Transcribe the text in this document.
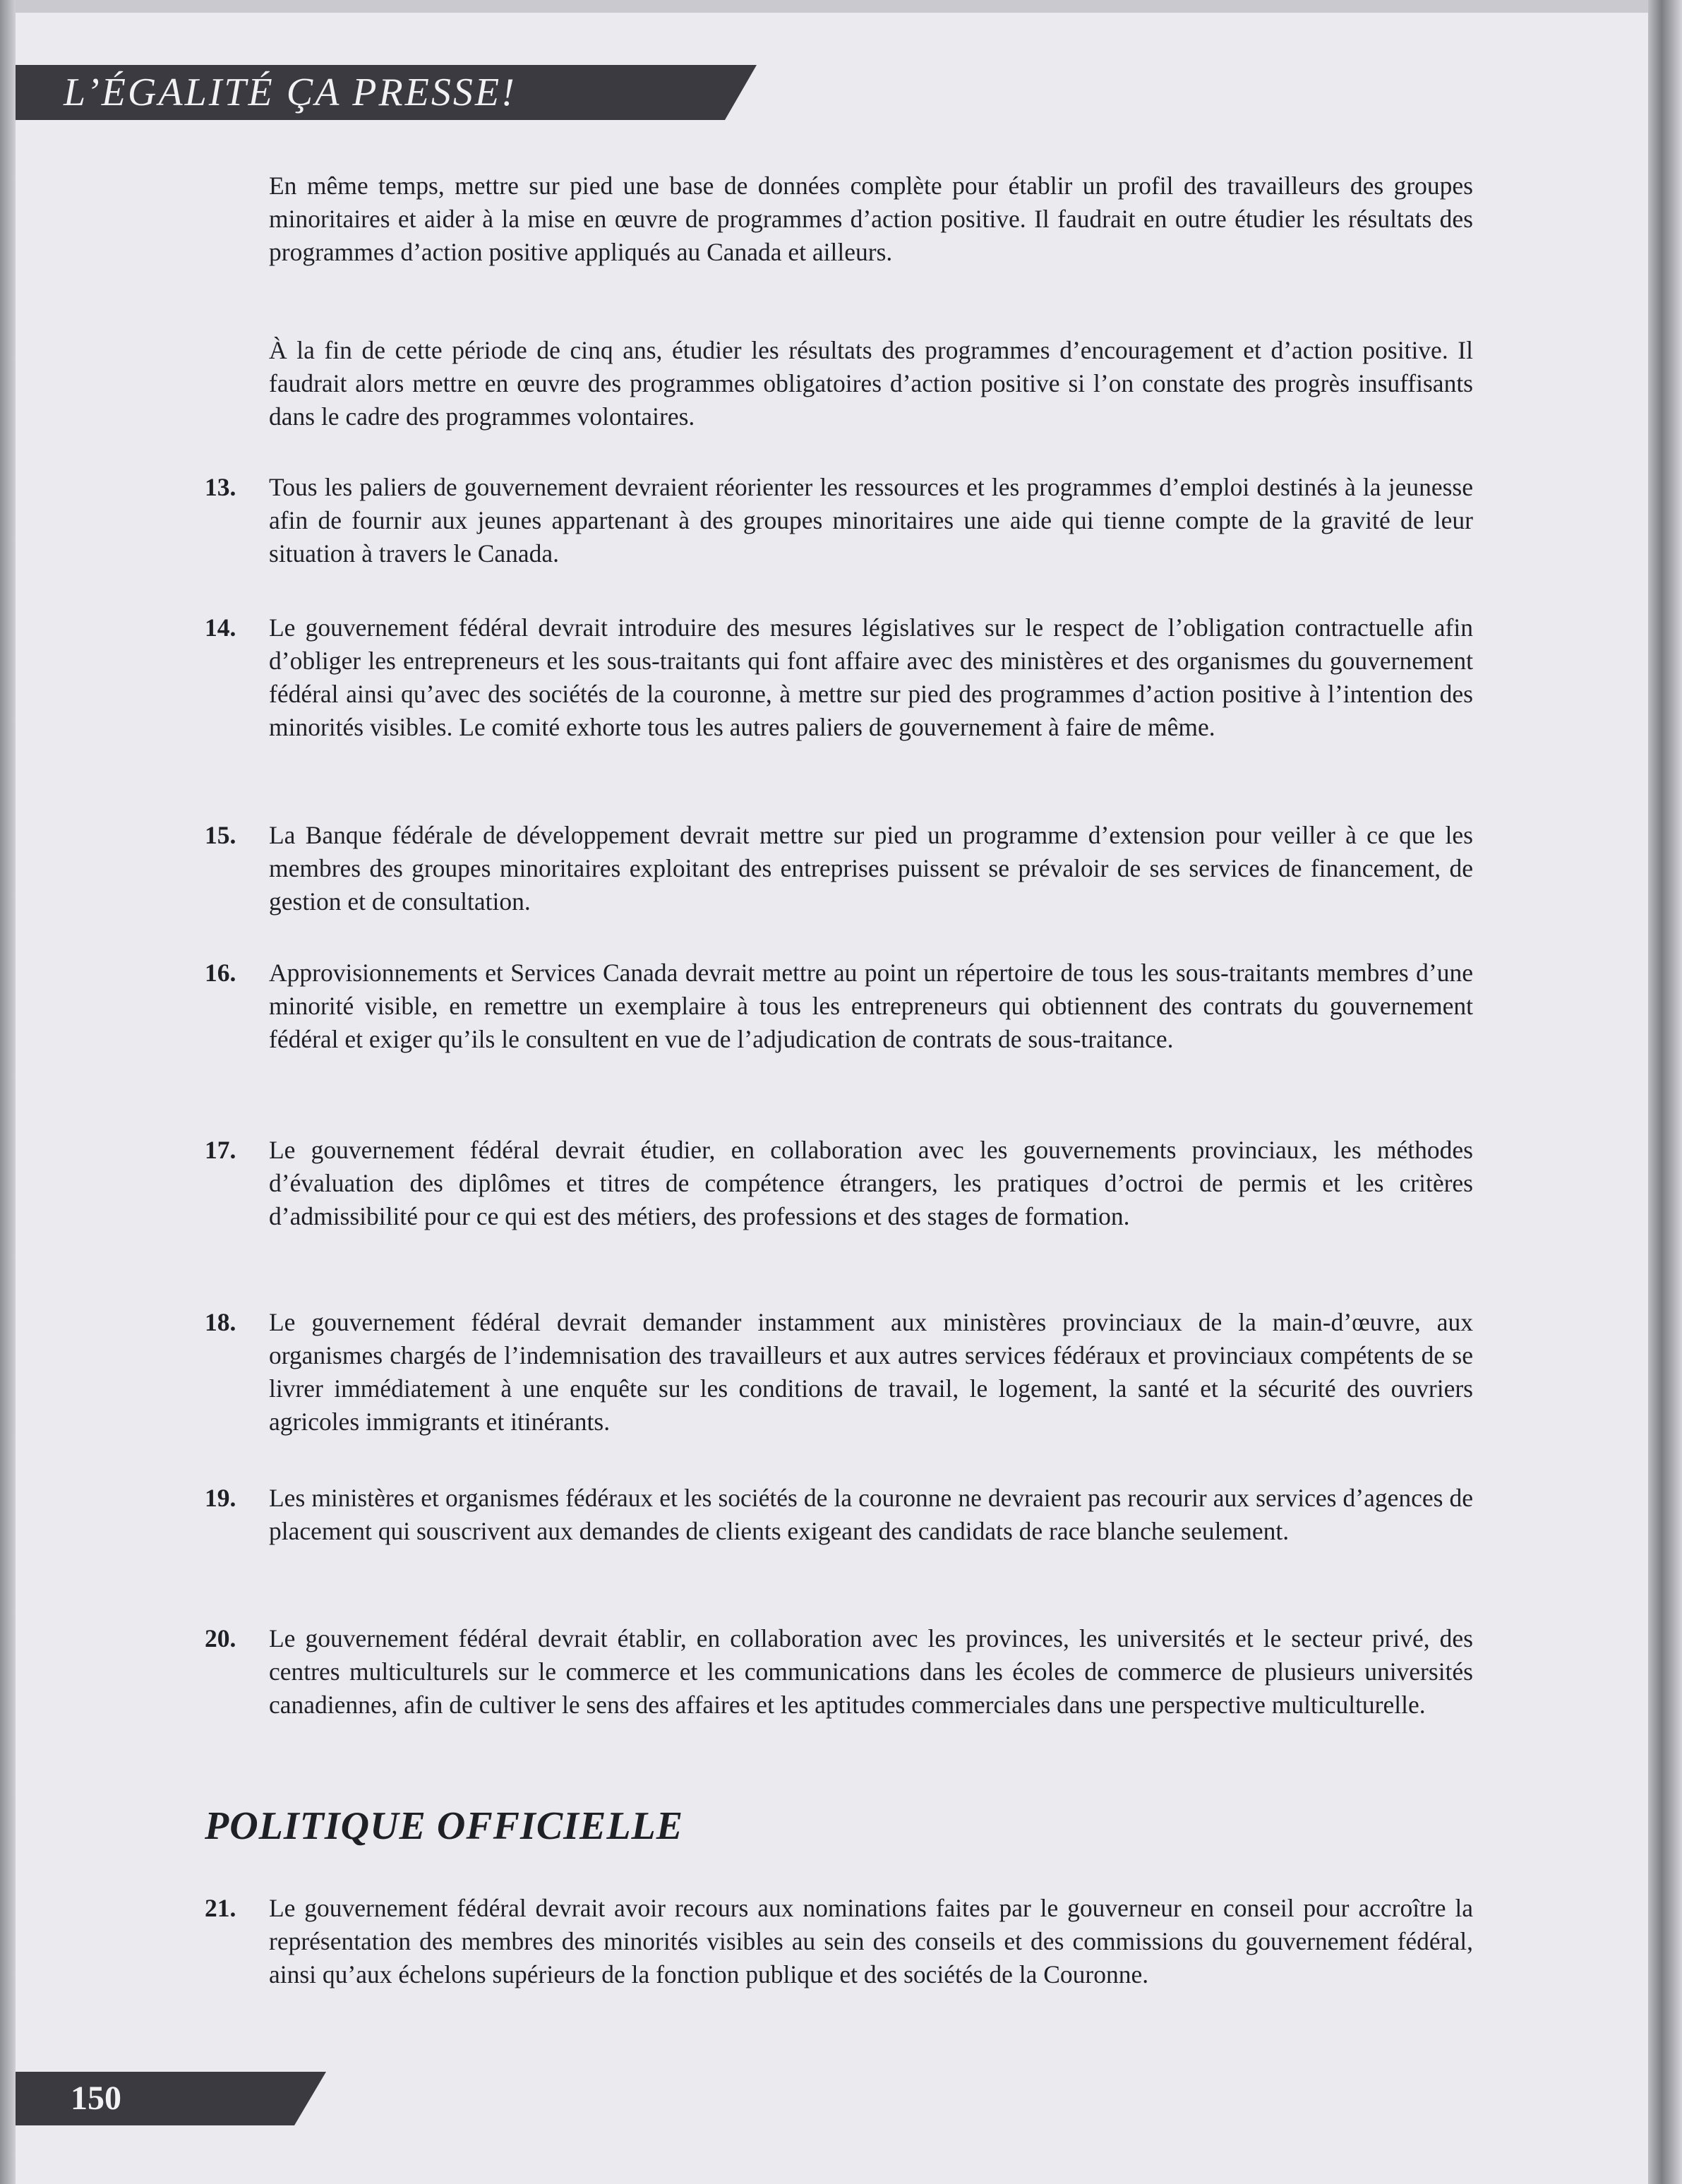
L’ÉGALITÉ ÇA PRESSE!

En même temps, mettre sur pied une base de données complète pour établir un profil des travailleurs des groupes minoritaires et aider à la mise en œuvre de programmes d’action positive. Il faudrait en outre étudier les résultats des programmes d’action positive appliqués au Canada et ailleurs.

À la fin de cette période de cinq ans, étudier les résultats des programmes d’encouragement et d’action positive. Il faudrait alors mettre en œuvre des programmes obligatoires d’action positive si l’on constate des progrès insuffisants dans le cadre des programmes volontaires.

13. Tous les paliers de gouvernement devraient réorienter les ressources et les programmes d’emploi destinés à la jeunesse afin de fournir aux jeunes appartenant à des groupes minoritaires une aide qui tienne compte de la gravité de leur situation à travers le Canada.

14. Le gouvernement fédéral devrait introduire des mesures législatives sur le respect de l’obligation contractuelle afin d’obliger les entrepreneurs et les sous-traitants qui font affaire avec des ministères et des organismes du gouvernement fédéral ainsi qu’avec des sociétés de la couronne, à mettre sur pied des programmes d’action positive à l’intention des minorités visibles. Le comité exhorte tous les autres paliers de gouvernement à faire de même.

15. La Banque fédérale de développement devrait mettre sur pied un programme d’extension pour veiller à ce que les membres des groupes minoritaires exploitant des entreprises puissent se prévaloir de ses services de financement, de gestion et de consultation.

16. Approvisionnements et Services Canada devrait mettre au point un répertoire de tous les sous-traitants membres d’une minorité visible, en remettre un exemplaire à tous les entrepreneurs qui obtiennent des contrats du gouvernement fédéral et exiger qu’ils le consultent en vue de l’adjudication de contrats de sous-traitance.

17. Le gouvernement fédéral devrait étudier, en collaboration avec les gouvernements provinciaux, les méthodes d’évaluation des diplômes et titres de compétence étrangers, les pratiques d’octroi de permis et les critères d’admissibilité pour ce qui est des métiers, des professions et des stages de formation.

18. Le gouvernement fédéral devrait demander instamment aux ministères provinciaux de la main-d’œuvre, aux organismes chargés de l’indemnisation des travailleurs et aux autres services fédéraux et provinciaux compétents de se livrer immédiatement à une enquête sur les conditions de travail, le logement, la santé et la sécurité des ouvriers agricoles immigrants et itinérants.

19. Les ministères et organismes fédéraux et les sociétés de la couronne ne devraient pas recourir aux services d’agences de placement qui souscrivent aux demandes de clients exigeant des candidats de race blanche seulement.

20. Le gouvernement fédéral devrait établir, en collaboration avec les provinces, les universités et le secteur privé, des centres multiculturels sur le commerce et les communications dans les écoles de commerce de plusieurs universités canadiennes, afin de cultiver le sens des affaires et les aptitudes commerciales dans une perspective multiculturelle.

POLITIQUE OFFICIELLE
21. Le gouvernement fédéral devrait avoir recours aux nominations faites par le gouverneur en conseil pour accroître la représentation des membres des minorités visibles au sein des conseils et des commissions du gouvernement fédéral, ainsi qu’aux échelons supérieurs de la fonction publique et des sociétés de la Couronne.

150
